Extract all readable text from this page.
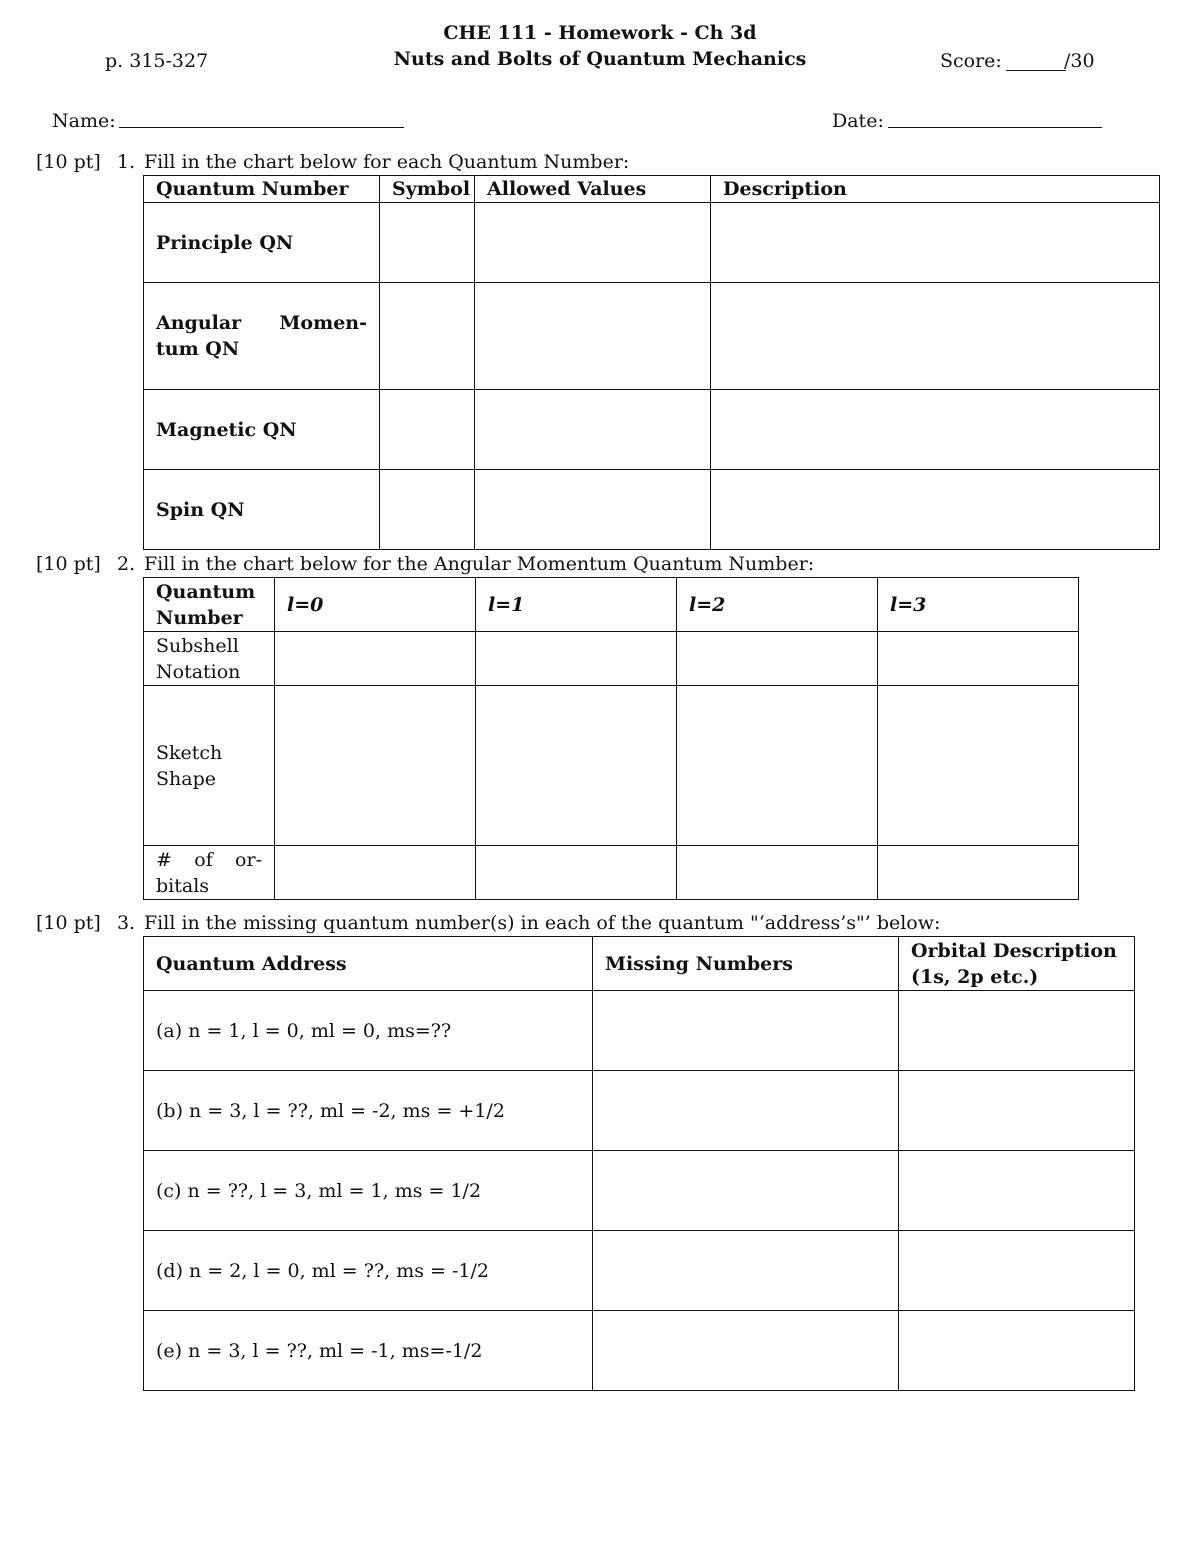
CHE 111 - Homework - Ch 3d
Nuts and Bolts of Quantum Mechanics
p. 315-327	Score:	/30
Name:	Date:
[10 pt] 1. Fill in the chart below for each Quantum Number:
Quantum Number	Symbol	Allowed Values	Description
Principle QN			
Angular Momen- tum QN			
Magnetic QN			
Spin QN			
[10 pt] 2. Fill in the chart below for the Angular Momentum Quantum Number:
Quantum Number	l=0	l=1	l=2	l=3
Subshell Notation				
Sketch Shape				
# of or- bitals				
[10 pt] 3. Fill in the missing quantum number(s) in each of the quantum "‘address’s"’ below:
Quantum Address	Missing Numbers	Orbital Description (1s, 2p etc.)
(a) n = 1, l = 0, ml = 0, ms=??		
(b) n = 3, l = ??, ml = -2, ms = +1/2		
(c) n = ??, l = 3, ml = 1, ms = 1/2		
(d) n = 2, l = 0, ml = ??, ms = -1/2		
(e) n = 3, l = ??, ml = -1, ms=-1/2		
